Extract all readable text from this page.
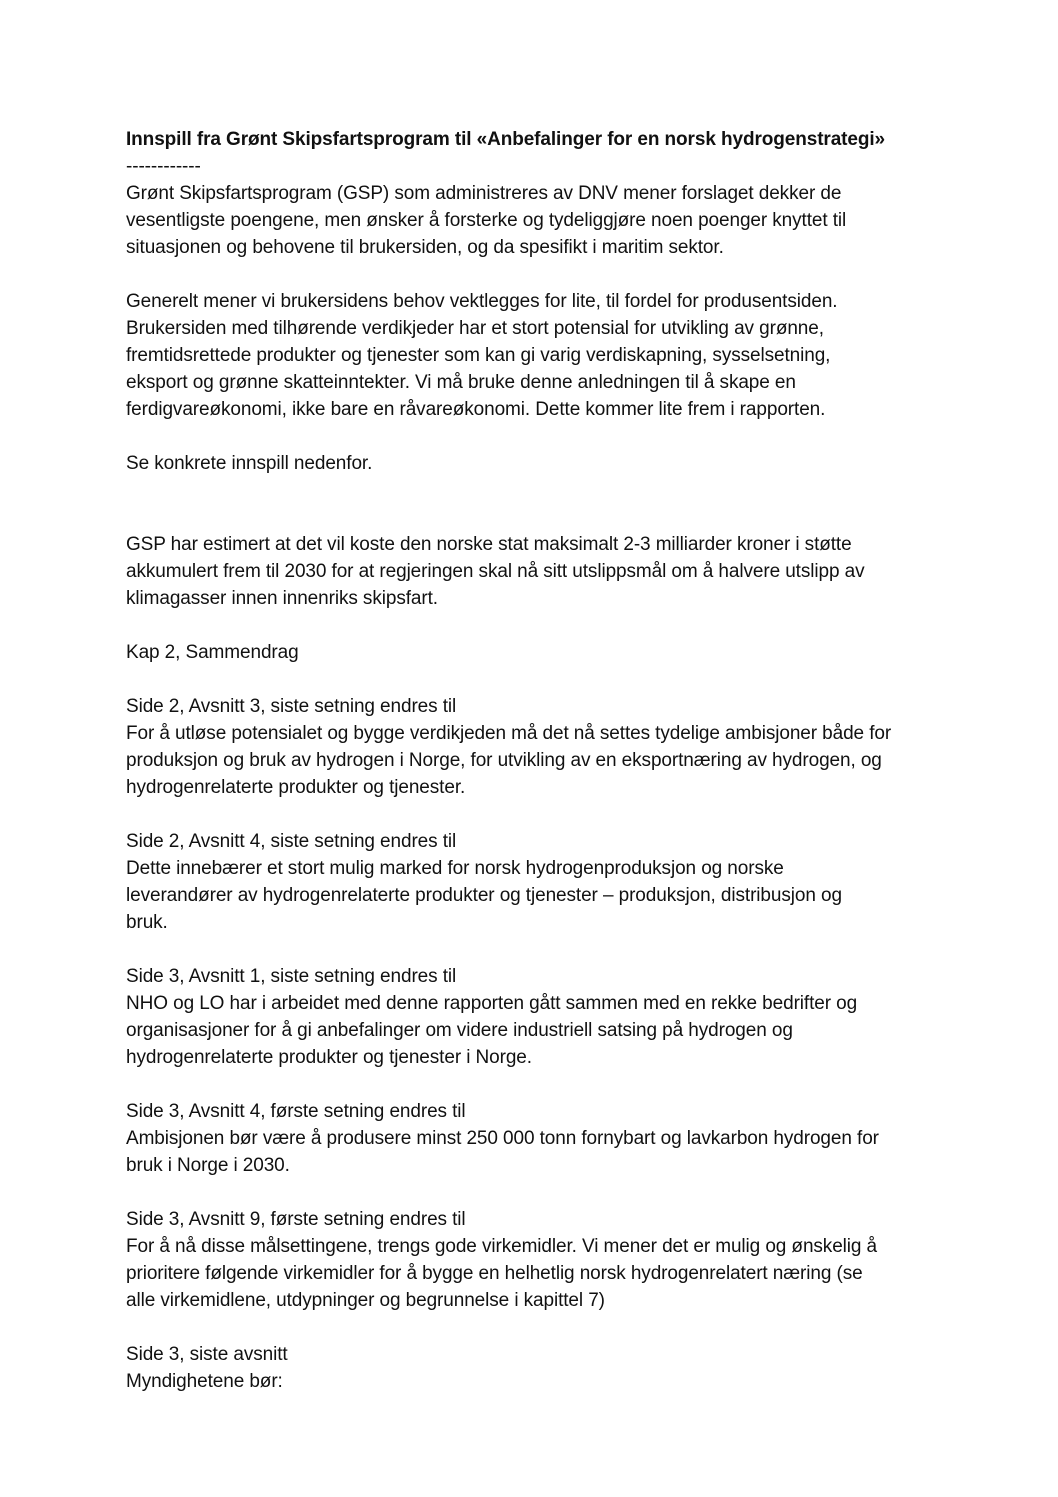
Innspill fra Grønt Skipsfartsprogram til «Anbefalinger for en norsk hydrogenstrategi»

------------

Grønt Skipsfartsprogram (GSP) som administreres av DNV mener forslaget dekker de
vesentligste poengene, men ønsker å forsterke og tydeliggjøre noen poenger knyttet til
situasjonen og behovene til brukersiden, og da spesifikt i maritim sektor.

Generelt mener vi brukersidens behov vektlegges for lite, til fordel for produsentsiden.
Brukersiden med tilhørende verdikjeder har et stort potensial for utvikling av grønne,
fremtidsrettede produkter og tjenester som kan gi varig verdiskapning, sysselsetning,
eksport og grønne skatteinntekter. Vi må bruke denne anledningen til å skape en
ferdigvareøkonomi, ikke bare en råvareøkonomi. Dette kommer lite frem i rapporten.

Se konkrete innspill nedenfor.

GSP har estimert at det vil koste den norske stat maksimalt 2-3 milliarder kroner i støtte
akkumulert frem til 2030 for at regjeringen skal nå sitt utslippsmål om å halvere utslipp av
klimagasser innen innenriks skipsfart.

Kap 2, Sammendrag

Side 2, Avsnitt 3, siste setning endres til

For å utløse potensialet og bygge verdikjeden må det nå settes tydelige ambisjoner både for
produksjon og bruk av hydrogen i Norge, for utvikling av en eksportnæring av hydrogen, og
hydrogenrelaterte produkter og tjenester.

Side 2, Avsnitt 4, siste setning endres til

Dette innebærer et stort mulig marked for norsk hydrogenproduksjon og norske
leverandører av hydrogenrelaterte produkter og tjenester – produksjon, distribusjon og
bruk.

Side 3, Avsnitt 1, siste setning endres til

NHO og LO har i arbeidet med denne rapporten gått sammen med en rekke bedrifter og
organisasjoner for å gi anbefalinger om videre industriell satsing på hydrogen og
hydrogenrelaterte produkter og tjenester i Norge.

Side 3, Avsnitt 4, første setning endres til

Ambisjonen bør være å produsere minst 250 000 tonn fornybart og lavkarbon hydrogen for
bruk i Norge i 2030.

Side 3, Avsnitt 9, første setning endres til

For å nå disse målsettingene, trengs gode virkemidler. Vi mener det er mulig og ønskelig å
prioritere følgende virkemidler for å bygge en helhetlig norsk hydrogenrelatert næring (se
alle virkemidlene, utdypninger og begrunnelse i kapittel 7)

Side 3, siste avsnitt

Myndighetene bør:
